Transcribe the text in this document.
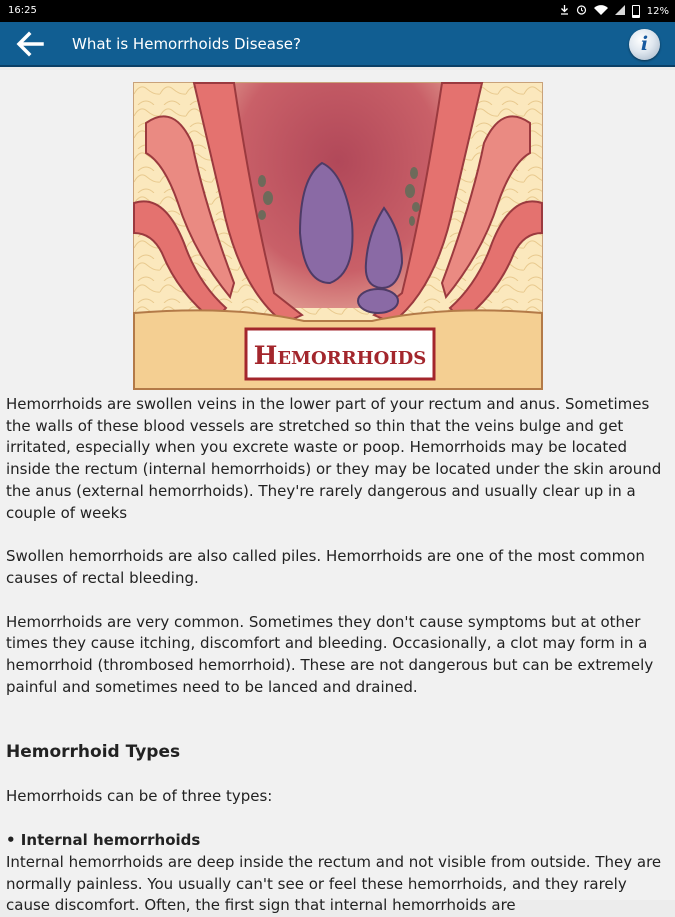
16:25	12%
What is Hemorrhoids Disease?	i
Hemorrhoids

Hemorrhoids are swollen veins in the lower part of your rectum and anus. Sometimes the walls of these blood vessels are stretched so thin that the veins bulge and get irritated, especially when you excrete waste or poop. Hemorrhoids may be located inside the rectum (internal hemorrhoids) or they may be located under the skin around the anus (external hemorrhoids). They're rarely dangerous and usually clear up in a couple of weeks

Swollen hemorrhoids are also called piles. Hemorrhoids are one of the most common causes of rectal bleeding.

Hemorrhoids are very common. Sometimes they don't cause symptoms but at other times they cause itching, discomfort and bleeding. Occasionally, a clot may form in a hemorrhoid (thrombosed hemorrhoid). These are not dangerous but can be extremely painful and sometimes need to be lanced and drained.

Hemorrhoid Types

Hemorrhoids can be of three types:

• Internal hemorrhoids

Internal hemorrhoids are deep inside the rectum and not visible from outside. They are normally painless. You usually can't see or feel these hemorrhoids, and they rarely cause discomfort. Often, the first sign that internal hemorrhoids are
